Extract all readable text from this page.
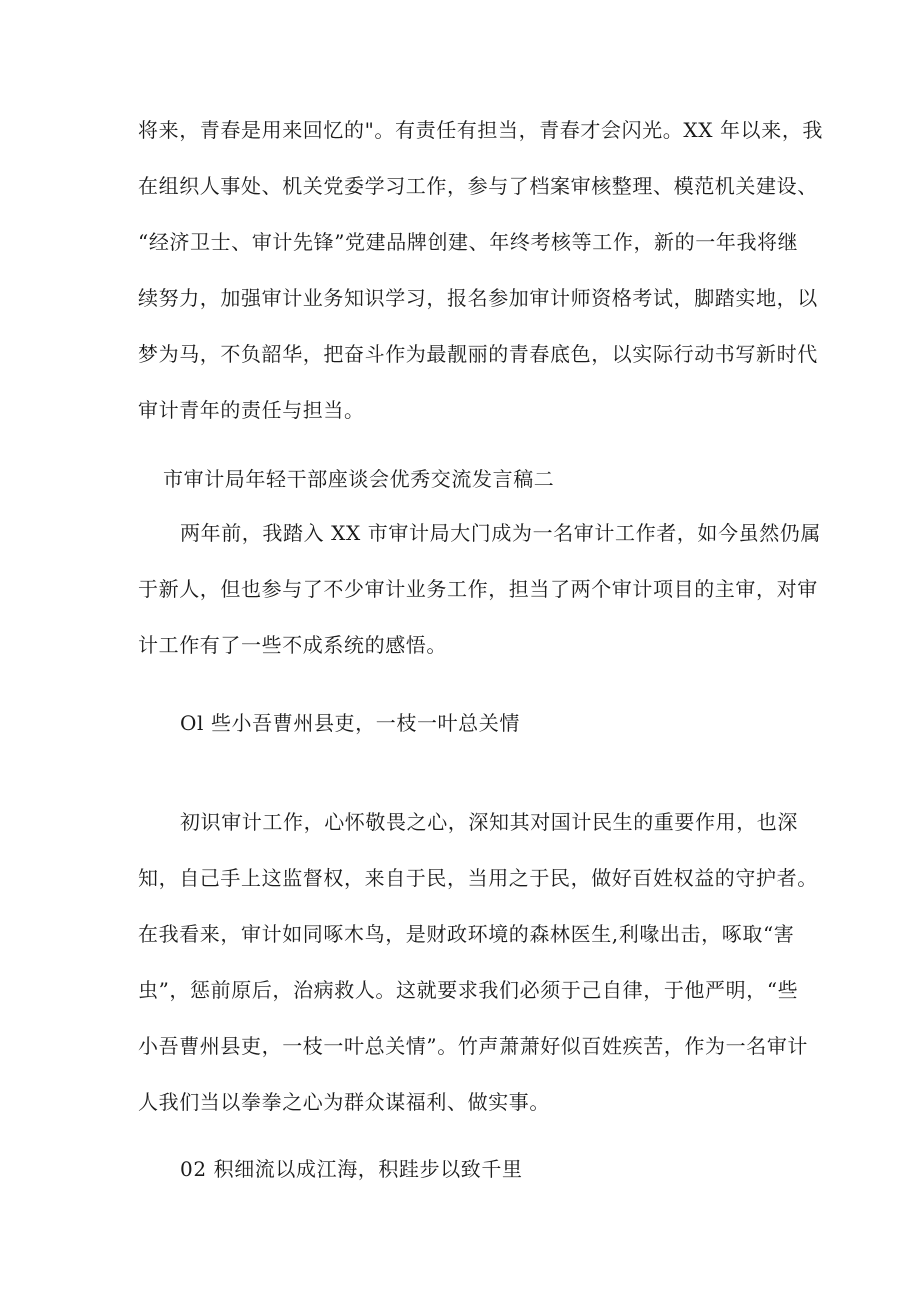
将来，青春是用来回忆的"。有责任有担当，青春才会闪光。XX 年以来，我
在组织人事处、机关党委学习工作，参与了档案审核整理、模范机关建设、
“经济卫士、审计先锋”党建品牌创建、年终考核等工作，新的一年我将继
续努力，加强审计业务知识学习，报名参加审计师资格考试，脚踏实地，以
梦为马，不负韶华，把奋斗作为最靓丽的青春底色，以实际行动书写新时代
审计青年的责任与担当。
市审计局年轻干部座谈会优秀交流发言稿二
两年前，我踏入 XX 市审计局大门成为一名审计工作者，如今虽然仍属
于新人，但也参与了不少审计业务工作，担当了两个审计项目的主审，对审
计工作有了一些不成系统的感悟。
Ol 些小吾曹州县吏，一枝一叶总关情
初识审计工作，心怀敬畏之心，深知其对国计民生的重要作用，也深
知，自己手上这监督权，来自于民，当用之于民，做好百姓权益的守护者。
在我看来，审计如同啄木鸟，是财政环境的森林医生,利喙出击，啄取“害
虫”，惩前原后，治病救人。这就要求我们必须于己自律，于他严明，“些
小吾曹州县吏，一枝一叶总关情”。竹声萧萧好似百姓疾苦，作为一名审计
人我们当以拳拳之心为群众谋福利、做实事。
02 积细流以成江海，积跬步以致千里
